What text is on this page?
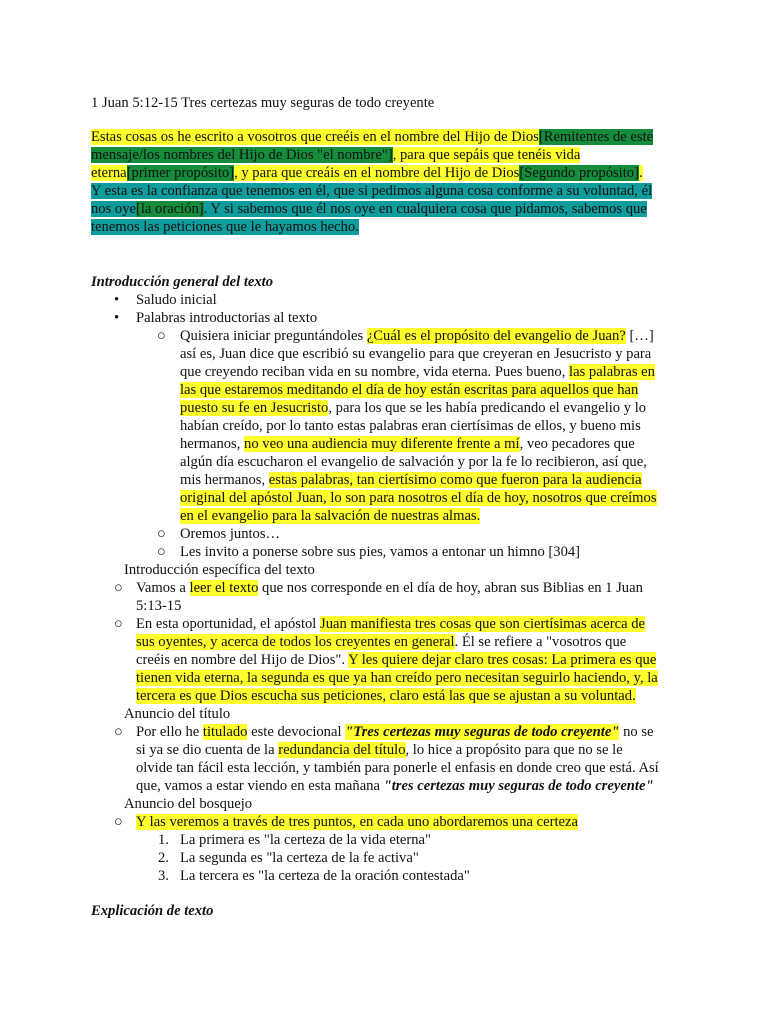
1 Juan 5:12-15 Tres certezas muy seguras de todo creyente
Estas cosas os he escrito a vosotros que creéis en el nombre del Hijo de Dios[Remitentes de este
mensaje/los nombres del Hijo de Dios "el nombre"], para que sepáis que tenéis vida
eterna[primer propósito], y para que creáis en el nombre del Hijo de Dios[Segundo propósito].
Y esta es la confianza que tenemos en él, que si pedimos alguna cosa conforme a su voluntad, él
nos oye[la oración]. Y si sabemos que él nos oye en cualquiera cosa que pidamos, sabemos que
tenemos las peticiones que le hayamos hecho.
Introducción general del texto
• Saludo inicial
• Palabras introductorias al texto
○ Quisiera iniciar preguntándoles ¿Cuál es el propósito del evangelio de Juan? […]
así es, Juan dice que escribió su evangelio para que creyeran en Jesucristo y para
que creyendo reciban vida en su nombre, vida eterna. Pues bueno, las palabras en
las que estaremos meditando el día de hoy están escritas para aquellos que han
puesto su fe en Jesucristo, para los que se les había predicando el evangelio y lo
habían creído, por lo tanto estas palabras eran ciertísimas de ellos, y bueno mis
hermanos, no veo una audiencia muy diferente frente a mí, veo pecadores que
algún día escucharon el evangelio de salvación y por la fe lo recibieron, así que,
mis hermanos, estas palabras, tan ciertísimo como que fueron para la audiencia
original del apóstol Juan, lo son para nosotros el día de hoy, nosotros que creímos
en el evangelio para la salvación de nuestras almas.
○ Oremos juntos…
○ Les invito a ponerse sobre sus pies, vamos a entonar un himno [304]
Introducción específica del texto
○ Vamos a leer el texto que nos corresponde en el día de hoy, abran sus Biblias en 1 Juan
5:13-15
○ En esta oportunidad, el apóstol Juan manifiesta tres cosas que son ciertísimas acerca de
sus oyentes, y acerca de todos los creyentes en general. Él se refiere a "vosotros que
creéis en nombre del Hijo de Dios". Y les quiere dejar claro tres cosas: La primera es que
tienen vida eterna, la segunda es que ya han creído pero necesitan seguirlo haciendo, y, la
tercera es que Dios escucha sus peticiones, claro está las que se ajustan a su voluntad.
Anuncio del título
○ Por ello he titulado este devocional "Tres certezas muy seguras de todo creyente" no se
si ya se dio cuenta de la redundancia del título, lo hice a propósito para que no se le
olvide tan fácil esta lección, y también para ponerle el enfasis en donde creo que está. Así
que, vamos a estar viendo en esta mañana "tres certezas muy seguras de todo creyente"
Anuncio del bosquejo
○ Y las veremos a través de tres puntos, en cada uno abordaremos una certeza
1. La primera es "la certeza de la vida eterna"
2. La segunda es "la certeza de la fe activa"
3. La tercera es "la certeza de la oración contestada"
Explicación de texto
